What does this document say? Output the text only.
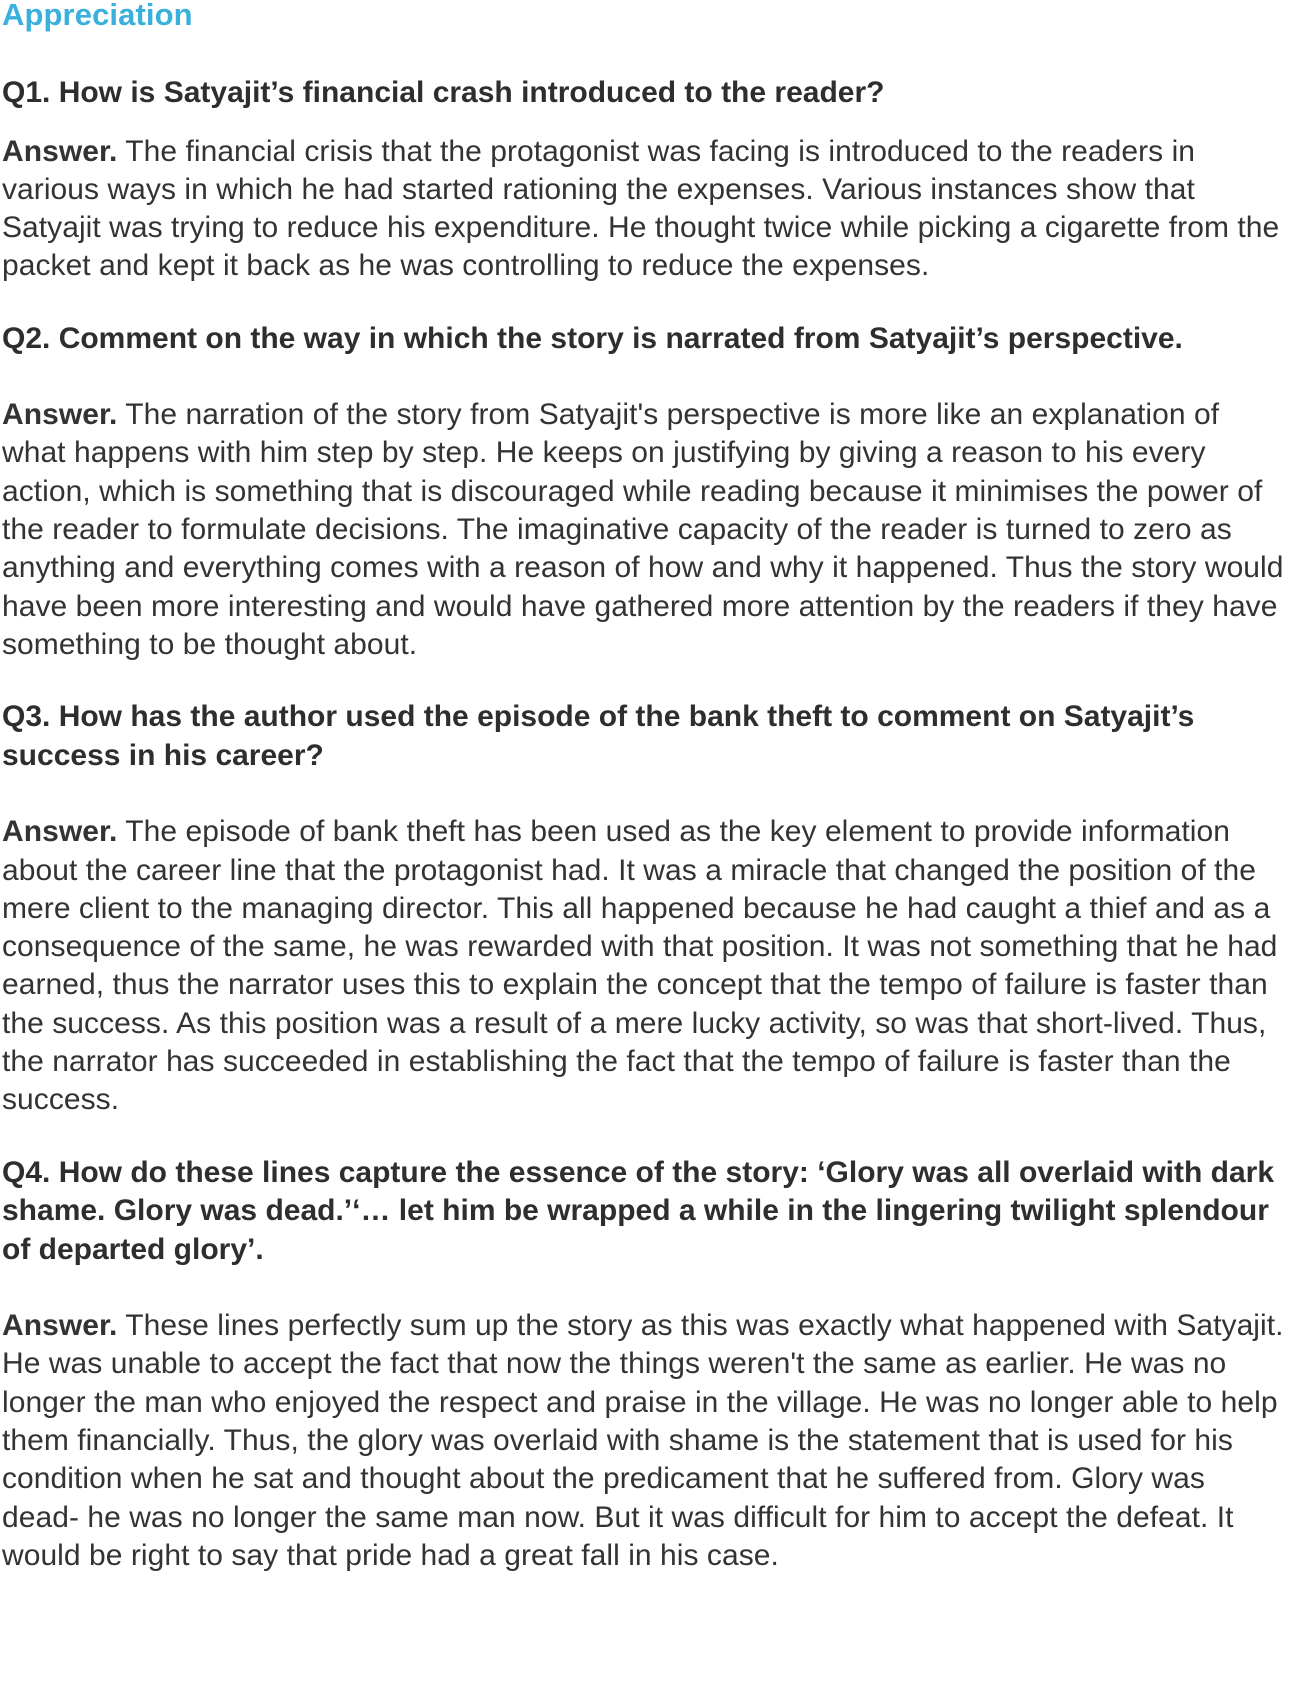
Appreciation

Q1. How is Satyajit’s financial crash introduced to the reader?

Answer. The financial crisis that the protagonist was facing is introduced to the readers in various ways in which he had started rationing the expenses. Various instances show that Satyajit was trying to reduce his expenditure. He thought twice while picking a cigarette from the packet and kept it back as he was controlling to reduce the expenses.

Q2. Comment on the way in which the story is narrated from Satyajit’s perspective.

Answer. The narration of the story from Satyajit's perspective is more like an explanation of what happens with him step by step. He keeps on justifying by giving a reason to his every action, which is something that is discouraged while reading because it minimises the power of the reader to formulate decisions. The imaginative capacity of the reader is turned to zero as anything and everything comes with a reason of how and why it happened. Thus the story would have been more interesting and would have gathered more attention by the readers if they have something to be thought about.

Q3. How has the author used the episode of the bank theft to comment on Satyajit’s success in his career?

Answer. The episode of bank theft has been used as the key element to provide information about the career line that the protagonist had. It was a miracle that changed the position of the mere client to the managing director. This all happened because he had caught a thief and as a consequence of the same, he was rewarded with that position. It was not something that he had earned, thus the narrator uses this to explain the concept that the tempo of failure is faster than the success. As this position was a result of a mere lucky activity, so was that short-lived. Thus, the narrator has succeeded in establishing the fact that the tempo of failure is faster than the success.

Q4. How do these lines capture the essence of the story: ‘Glory was all overlaid with dark shame. Glory was dead.’‘… let him be wrapped a while in the lingering twilight splendour of departed glory’.

Answer. These lines perfectly sum up the story as this was exactly what happened with Satyajit. He was unable to accept the fact that now the things weren't the same as earlier. He was no longer the man who enjoyed the respect and praise in the village. He was no longer able to help them financially. Thus, the glory was overlaid with shame is the statement that is used for his condition when he sat and thought about the predicament that he suffered from. Glory was dead- he was no longer the same man now. But it was difficult for him to accept the defeat. It would be right to say that pride had a great fall in his case.
